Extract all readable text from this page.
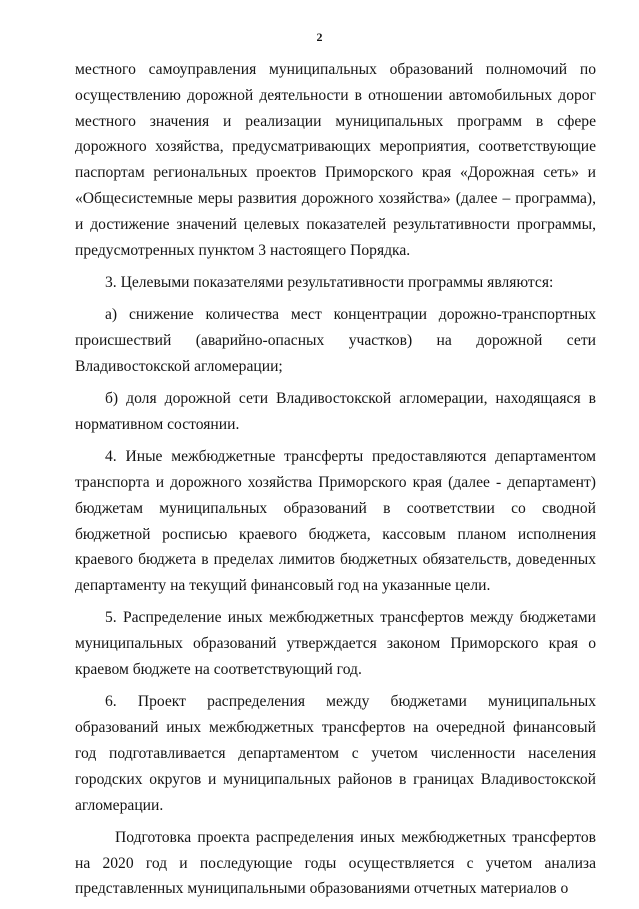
2

местного самоуправления муниципальных образований полномочий по осуществлению дорожной деятельности в отношении автомобильных дорог местного значения и реализации муниципальных программ в сфере дорожного хозяйства, предусматривающих мероприятия, соответствующие паспортам региональных проектов Приморского края «Дорожная сеть» и «Общесистемные меры развития дорожного хозяйства» (далее – программа), и достижение значений целевых показателей результативности программы, предусмотренных пунктом 3 настоящего Порядка.

3. Целевыми показателями результативности программы являются:

а) снижение количества мест концентрации дорожно-транспортных происшествий (аварийно-опасных участков) на дорожной сети Владивостокской агломерации;

б) доля дорожной сети Владивостокской агломерации, находящаяся в нормативном состоянии.

4. Иные межбюджетные трансферты предоставляются департаментом транспорта и дорожного хозяйства Приморского края (далее - департамент) бюджетам муниципальных образований в соответствии со сводной бюджетной росписью краевого бюджета, кассовым планом исполнения краевого бюджета в пределах лимитов бюджетных обязательств, доведенных департаменту на текущий финансовый год на указанные цели.

5. Распределение иных межбюджетных трансфертов между бюджетами муниципальных образований утверждается законом Приморского края о краевом бюджете на соответствующий год.

6. Проект распределения между бюджетами муниципальных образований иных межбюджетных трансфертов на очередной финансовый год подготавливается департаментом с учетом численности населения городских округов и муниципальных районов в границах Владивостокской агломерации.

Подготовка проекта распределения иных межбюджетных трансфертов на 2020 год и последующие годы осуществляется с учетом анализа представленных муниципальными образованиями отчетных материалов о
